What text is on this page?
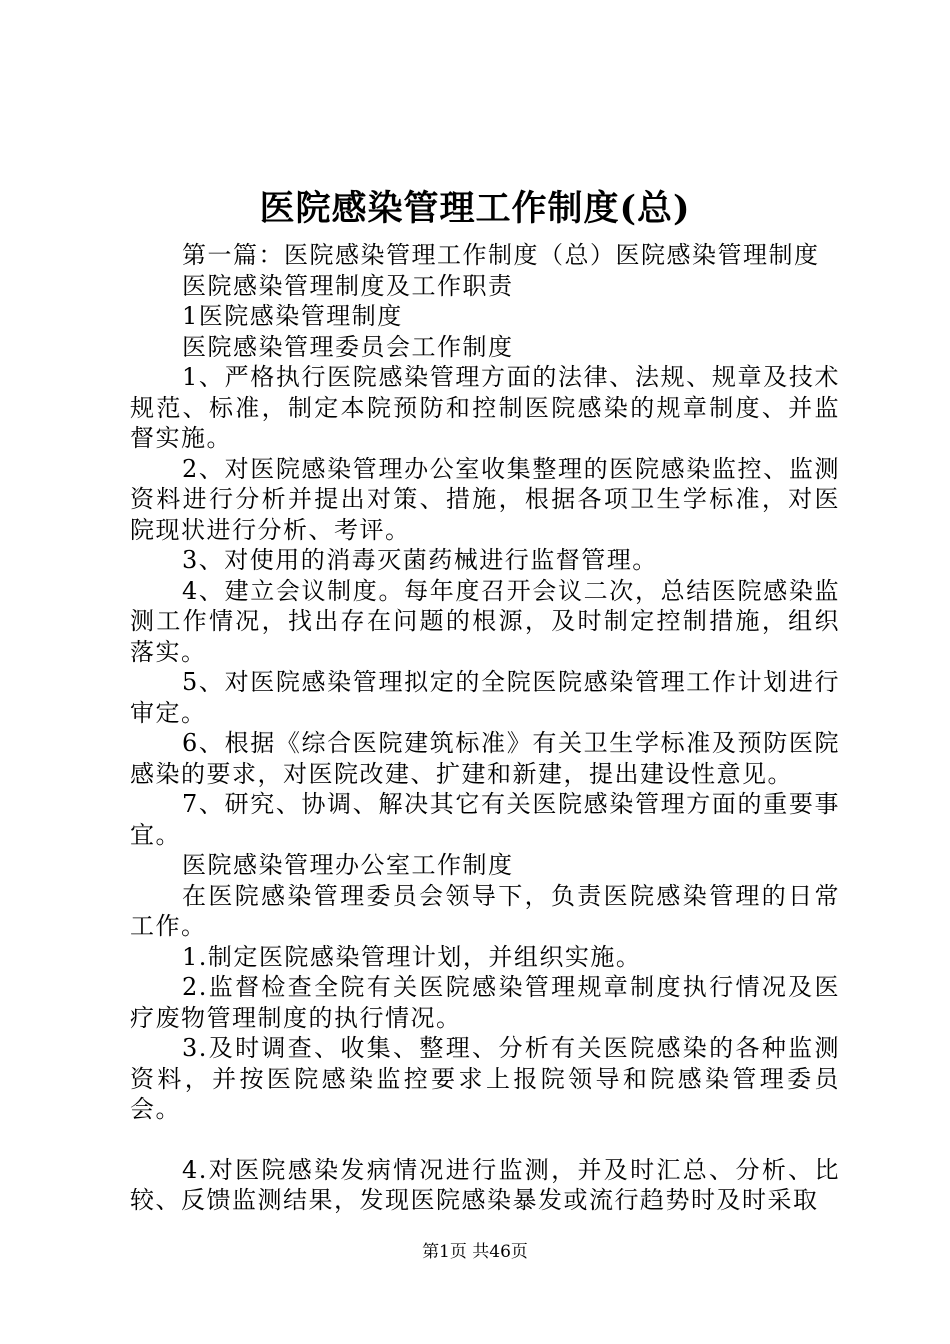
医院感染管理工作制度(总)

第一篇：医院感染管理工作制度（总）医院感染管理制度

医院感染管理制度及工作职责

1医院感染管理制度

医院感染管理委员会工作制度

1、严格执行医院感染管理方面的法律、法规、规章及技术规范、标准，制定本院预防和控制医院感染的规章制度、并监督实施。

2、对医院感染管理办公室收集整理的医院感染监控、监测资料进行分析并提出对策、措施，根据各项卫生学标准，对医院现状进行分析、考评。

3、对使用的消毒灭菌药械进行监督管理。

4、建立会议制度。每年度召开会议二次，总结医院感染监测工作情况，找出存在问题的根源，及时制定控制措施，组织落实。

5、对医院感染管理拟定的全院医院感染管理工作计划进行审定。

6、根据《综合医院建筑标准》有关卫生学标准及预防医院感染的要求，对医院改建、扩建和新建，提出建设性意见。

7、研究、协调、解决其它有关医院感染管理方面的重要事宜。

医院感染管理办公室工作制度

在医院感染管理委员会领导下，负责医院感染管理的日常工作。

1.制定医院感染管理计划，并组织实施。

2.监督检查全院有关医院感染管理规章制度执行情况及医疗废物管理制度的执行情况。

3.及时调查、收集、整理、分析有关医院感染的各种监测资料，并按医院感染监控要求上报院领导和院感染管理委员会。

4.对医院感染发病情况进行监测，并及时汇总、分析、比较、反馈监测结果，发现医院感染暴发或流行趋势时及时采取

第1页 共46页
